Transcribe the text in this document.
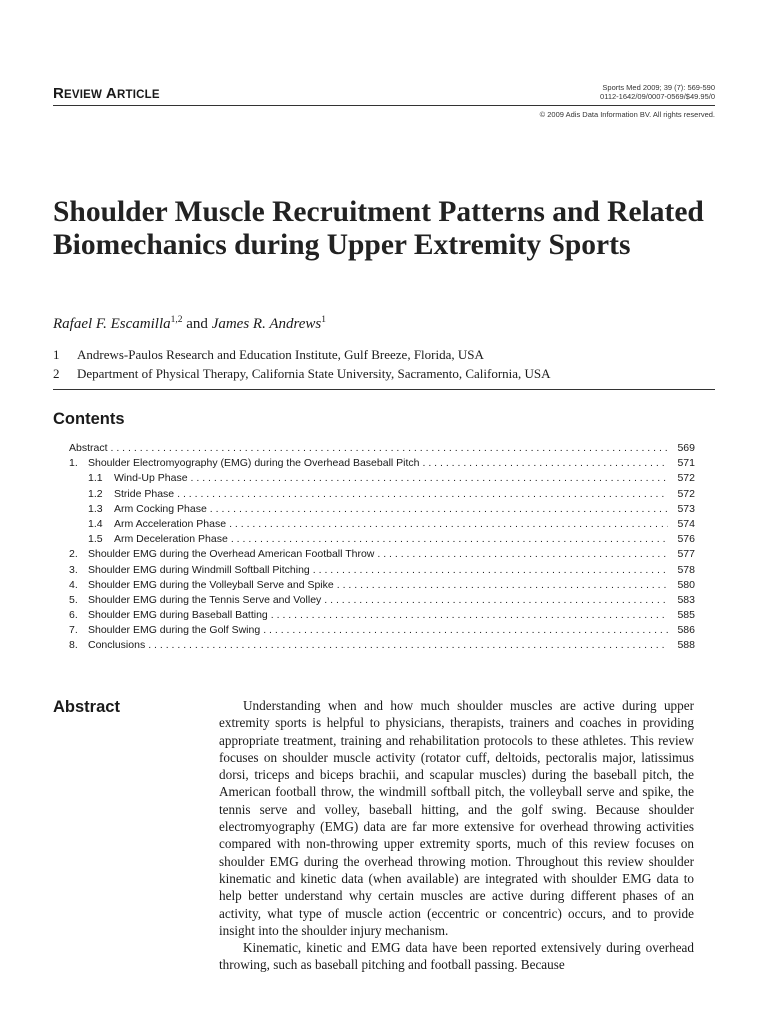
REVIEW ARTICLE
Sports Med 2009; 39 (7): 569-590
0112-1642/09/0007-0569/$49.95/0
© 2009 Adis Data Information BV. All rights reserved.
Shoulder Muscle Recruitment Patterns and Related Biomechanics during Upper Extremity Sports
Rafael F. Escamilla$^{1,2}$ and James R. Andrews$^1$
1	Andrews-Paulos Research and Education Institute, Gulf Breeze, Florida, USA
2	Department of Physical Therapy, California State University, Sacramento, California, USA
Contents
Abstract . . .	569
1. Shoulder Electromyography (EMG) during the Overhead Baseball Pitch . . .	571
1.1	Wind-Up Phase . . .	572
1.2	Stride Phase . . .	572
1.3	Arm Cocking Phase . . .	573
1.4	Arm Acceleration Phase . . .	574
1.5	Arm Deceleration Phase . . .	576
2. Shoulder EMG during the Overhead American Football Throw . . .	577
3. Shoulder EMG during Windmill Softball Pitching . . .	578
4. Shoulder EMG during the Volleyball Serve and Spike . . .	580
5. Shoulder EMG during the Tennis Serve and Volley . . .	583
6. Shoulder EMG during Baseball Batting . . .	585
7. Shoulder EMG during the Golf Swing . . .	586
8. Conclusions . . .	588
Abstract	Understanding when and how much shoulder muscles are active during upper extremity sports is helpful to physicians, therapists, trainers and coaches in providing appropriate treatment, training and rehabilitation protocols to these athletes. This review focuses on shoulder muscle activity (rotator cuff, deltoids, pectoralis major, latissimus dorsi, triceps and biceps brachii, and scapular muscles) during the baseball pitch, the American football throw, the windmill softball pitch, the volleyball serve and spike, the tennis serve and volley, baseball hitting, and the golf swing. Because shoulder electromyography (EMG) data are far more extensive for overhead throwing activities compared with non-throwing upper extremity sports, much of this review focuses on shoulder EMG during the overhead throwing motion. Throughout this review shoulder kinematic and kinetic data (when available) are integrated with shoulder EMG data to help better understand why certain muscles are active during different phases of an activity, what type of muscle action (eccentric or concentric) occurs, and to provide insight into the shoulder injury mechanism.

Kinematic, kinetic and EMG data have been reported extensively during overhead throwing, such as baseball pitching and football passing. Because
